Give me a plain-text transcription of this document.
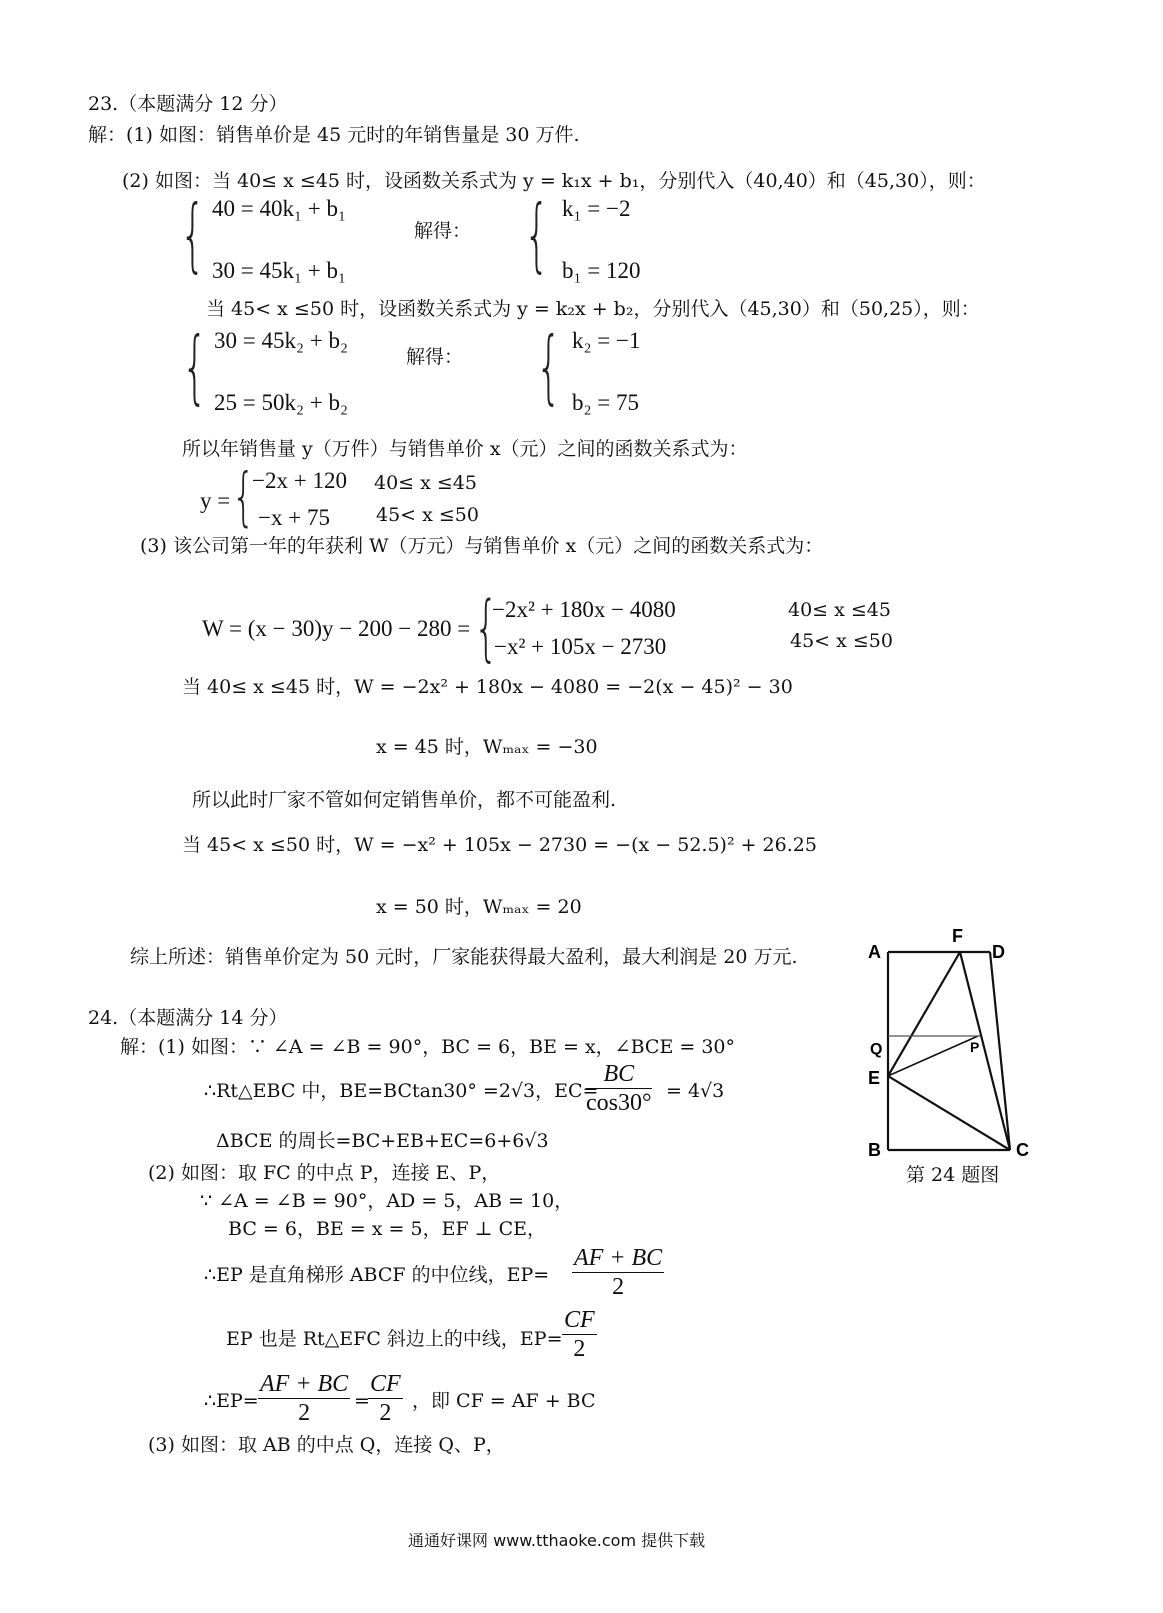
23.（本题满分 12 分）
解：(1) 如图：销售单价是 45 元时的年销售量是 30 万件.
(2) 如图：当 40≤ x ≤45 时，设函数关系式为 y = k₁x + b₁，分别代入（40,40）和（45,30），则：
{ 40 = 40k₁ + b₁
30 = 45k₁ + b₁
解得： { k₁ = −2
b₁ = 120
当 45< x ≤50 时，设函数关系式为 y = k₂x + b₂，分别代入（45,30）和（50,25），则：
{ 30 = 45k₂ + b₂
25 = 50k₂ + b₂
解得： { k₂ = −1
b₂ = 75
所以年销售量 y（万件）与销售单价 x（元）之间的函数关系式为：
y = {
−2x + 120 40≤ x ≤45
−x + 75 45< x ≤50
(3) 该公司第一年的年获利 W（万元）与销售单价 x（元）之间的函数关系式为：
W = (x − 30)y − 200 − 280 = {
−2x² + 180x − 4080	40≤ x ≤45
−x² + 105x − 2730	45< x ≤50
当 40≤ x ≤45 时，W = −2x² + 180x − 4080 = −2(x − 45)² − 30
x = 45 时，Wₘₐₓ = −30
所以此时厂家不管如何定销售单价，都不可能盈利.
当 45< x ≤50 时，W = −x² + 105x − 2730 = −(x − 52.5)² + 26.25
x = 50 时，Wₘₐₓ = 20
综上所述：销售单价定为 50 元时，厂家能获得最大盈利，最大利润是 20 万元.
24.（本题满分 14 分）
解：(1) 如图：∵ ∠A = ∠B = 90°，BC = 6，BE = x，∠BCE = 30°
∴Rt△EBC 中，BE=BCtan30° =2√3，EC=
BC
cos30° = 4√3
ΔBCE 的周长=BC+EB+EC=6+6√3
(2) 如图：取 FC 的中点 P，连接 E、P，
∵ ∠A = ∠B = 90°，AD = 5，AB = 10，
BC = 6，BE = x = 5，EF ⊥ CE，
∴EP 是直角梯形 ABCF 的中位线，EP=
AF + BC
2
EP 也是 Rt△EFC 斜边上的中线，EP=
CF
2
∴EP=
AF + BC
2	=
CF
2	，即 CF = AF + BC
(3) 如图：取 AB 的中点 Q，连接 Q、P，
A
F
D
Q	P
E
B	C
第 24 题图
通通好课网 www.tthaoke.com 提供下载
